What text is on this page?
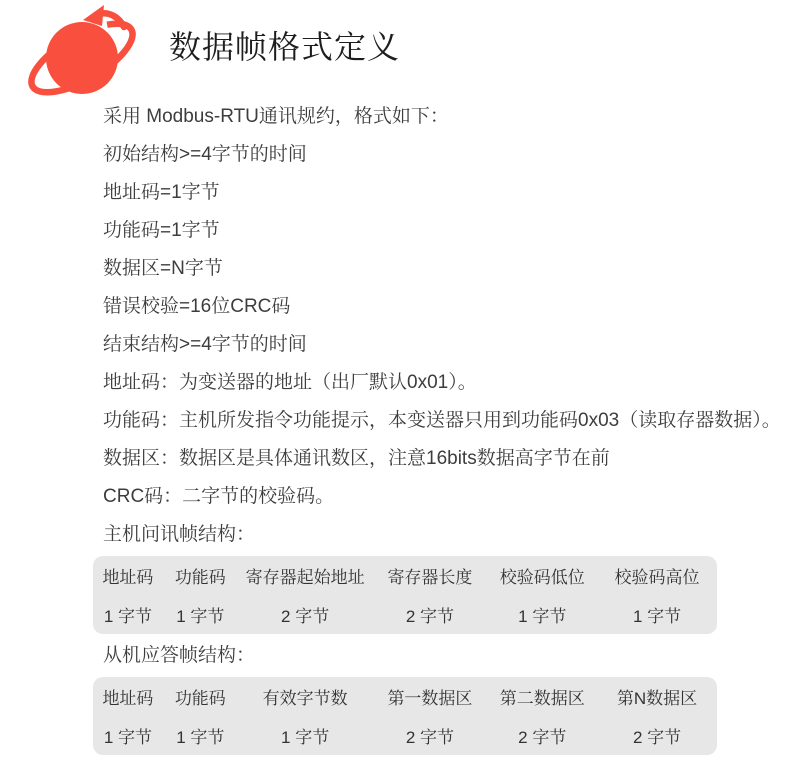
数据帧格式定义

采用 Modbus-RTU通讯规约，格式如下：

初始结构>=4字节的时间

地址码=1字节

功能码=1字节

数据区=N字节

错误校验=16位CRC码

结束结构>=4字节的时间

地址码：为变送器的地址（出厂默认0x01）。

功能码：主机所发指令功能提示，本变送器只用到功能码0x03（读取存器数据）。

数据区：数据区是具体通讯数区，注意16bits数据高字节在前

CRC码：二字节的校验码。

主机问讯帧结构：
地址码	功能码	寄存器起始地址	寄存器长度	校验码低位	校验码高位
1 字节	1 字节	2 字节	2 字节	1 字节	1 字节
从机应答帧结构：
地址码	功能码	有效字节数	第一数据区	第二数据区	第N数据区
1 字节	1 字节	1 字节	2 字节	2 字节	2 字节
